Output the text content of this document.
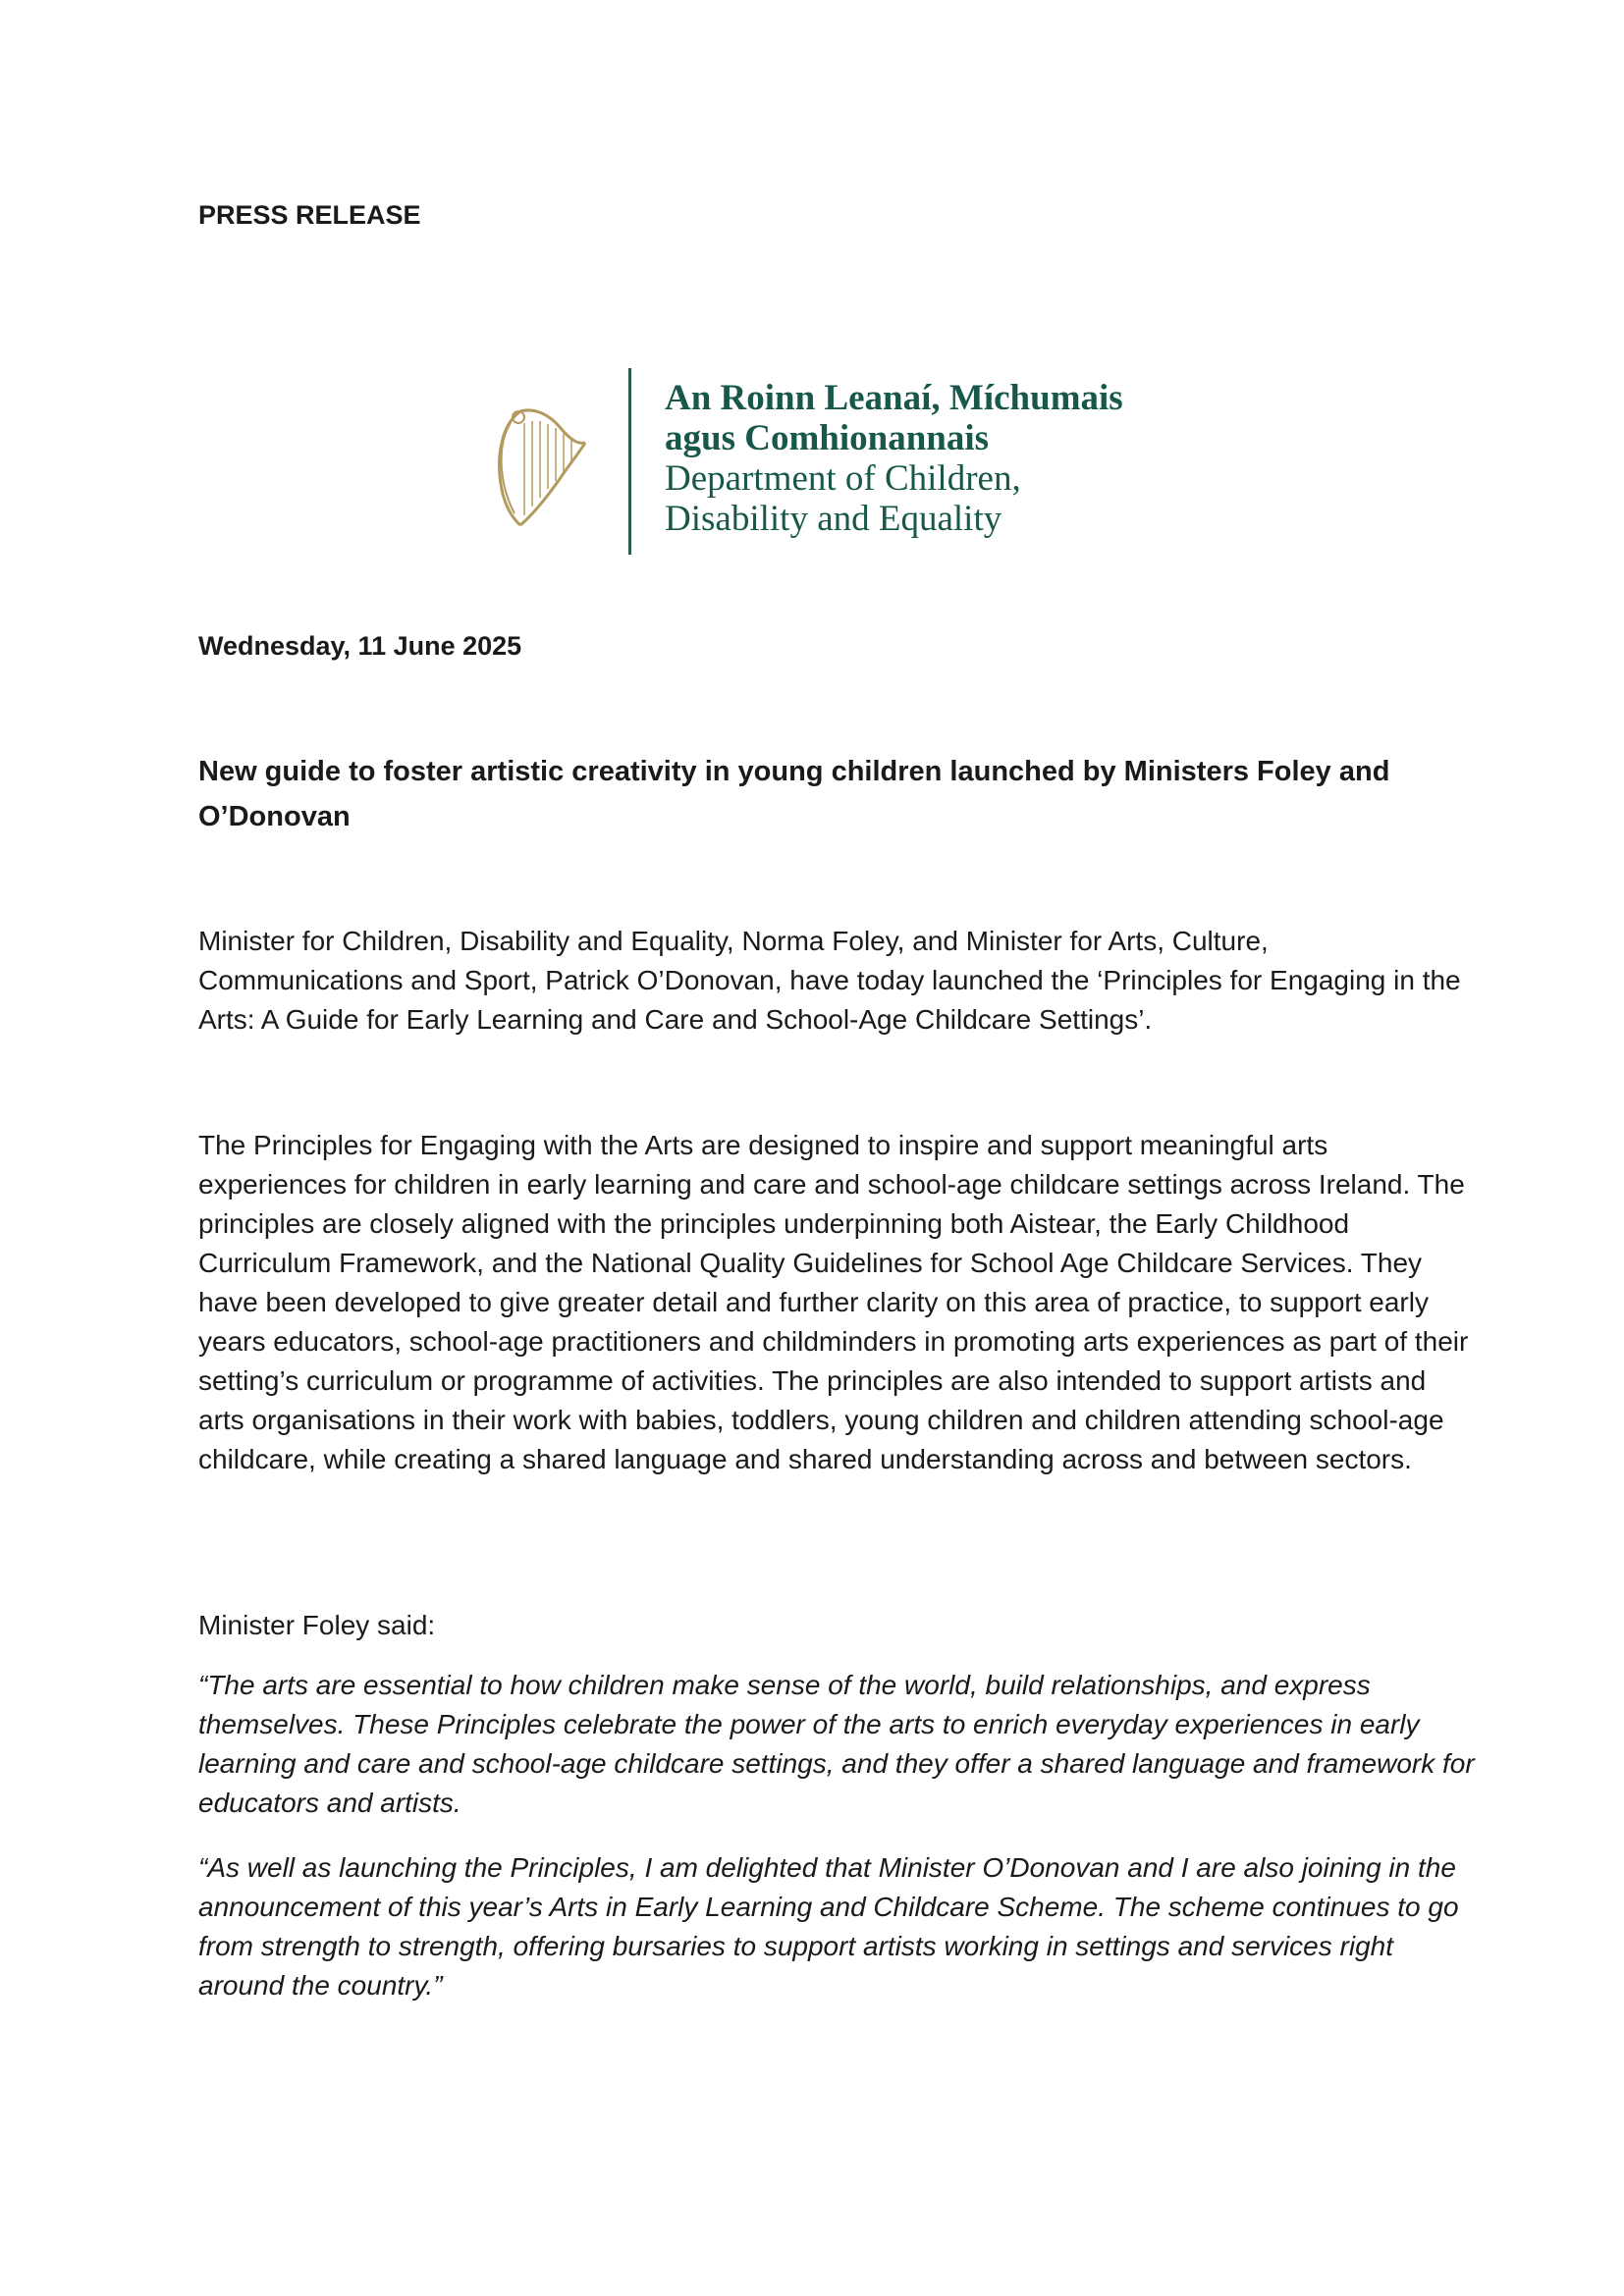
PRESS RELEASE
An Roinn Leanaí, Míchumais
agus Comhionannais
Department of Children,
Disability and Equality
Wednesday, 11 June 2025
New guide to foster artistic creativity in young children launched by Ministers Foley and O’Donovan
Minister for Children, Disability and Equality, Norma Foley, and Minister for Arts, Culture, Communications and Sport, Patrick O’Donovan, have today launched the ‘Principles for Engaging in the Arts: A Guide for Early Learning and Care and School-Age Childcare Settings’.
The Principles for Engaging with the Arts are designed to inspire and support meaningful arts experiences for children in early learning and care and school-age childcare settings across Ireland. The principles are closely aligned with the principles underpinning both Aistear, the Early Childhood Curriculum Framework, and the National Quality Guidelines for School Age Childcare Services. They have been developed to give greater detail and further clarity on this area of practice, to support early years educators, school-age practitioners and childminders in promoting arts experiences as part of their setting’s curriculum or programme of activities. The principles are also intended to support artists and arts organisations in their work with babies, toddlers, young children and children attending school-age childcare, while creating a shared language and shared understanding across and between sectors.
Minister Foley said:
“The arts are essential to how children make sense of the world, build relationships, and express themselves. These Principles celebrate the power of the arts to enrich everyday experiences in early learning and care and school-age childcare settings, and they offer a shared language and framework for educators and artists.
“As well as launching the Principles, I am delighted that Minister O’Donovan and I are also joining in the announcement of this year’s Arts in Early Learning and Childcare Scheme. The scheme continues to go from strength to strength, offering bursaries to support artists working in settings and services right around the country.”
